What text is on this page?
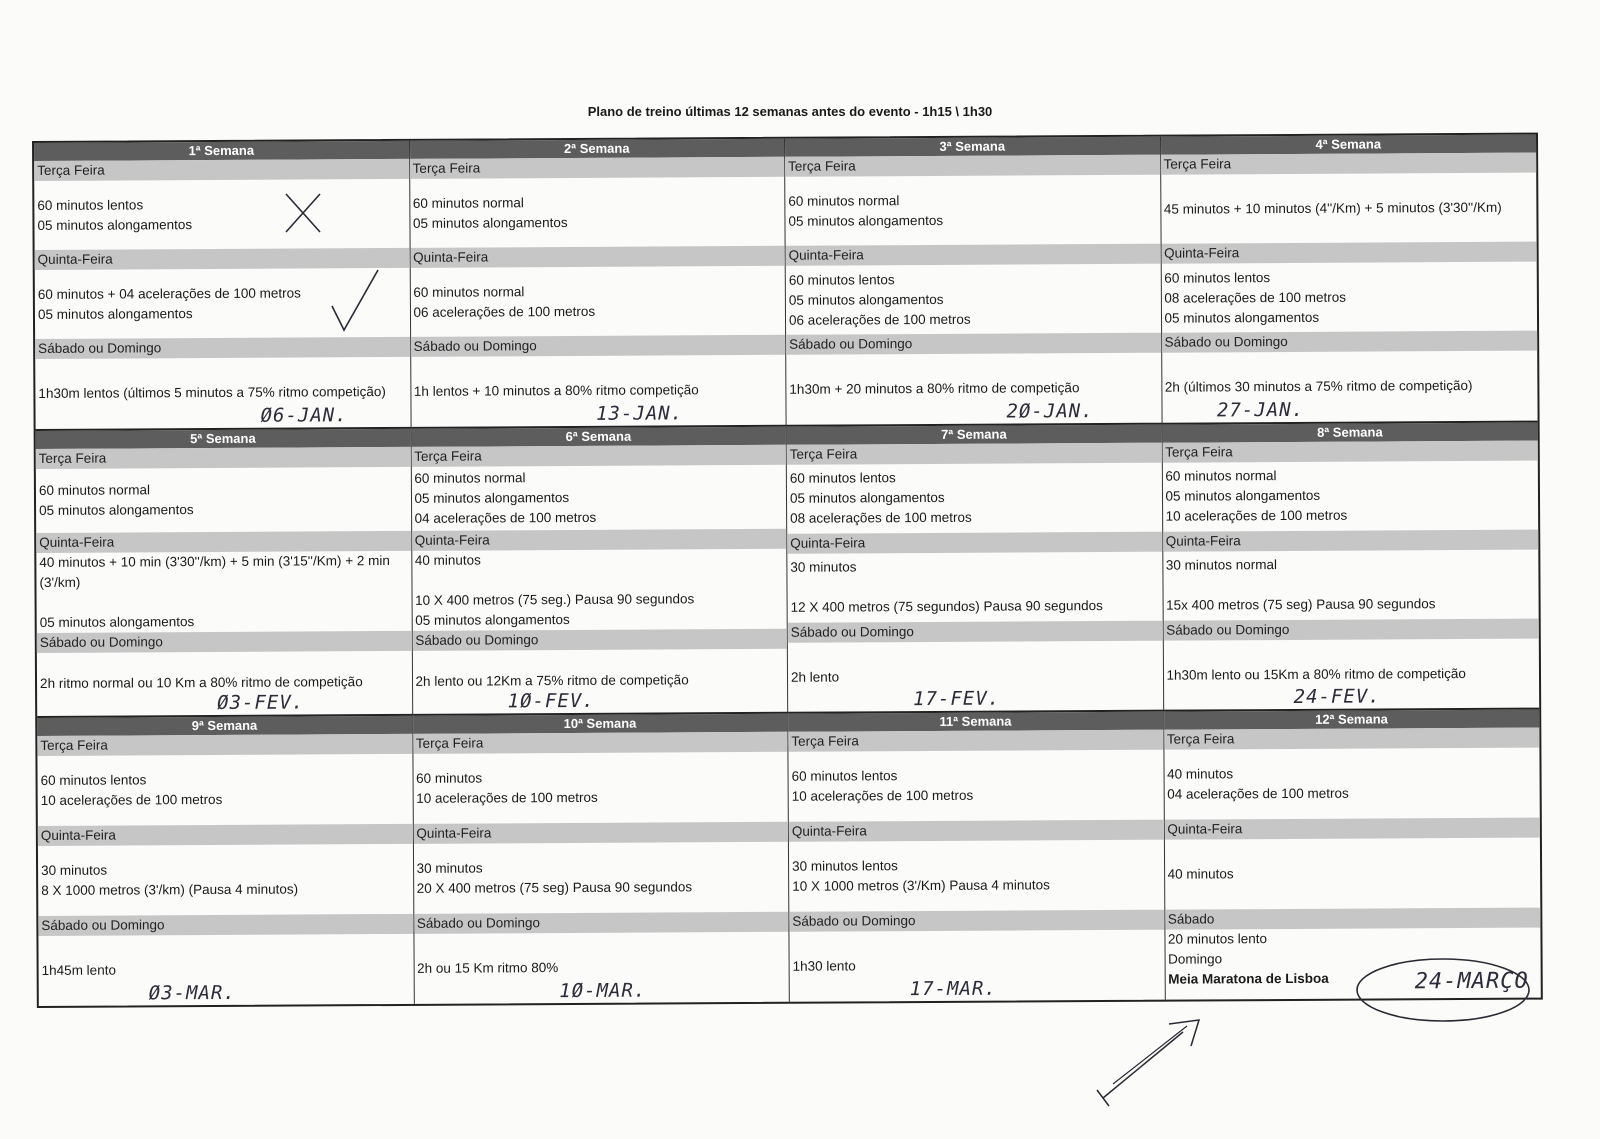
Plano de treino últimas 12 semanas antes do evento - 1h15 \ 1h30
1ª Semana
Terça Feira
60 minutos lentos
05 minutos alongamentos
Quinta-Feira
60 minutos + 04 acelerações de 100 metros
05 minutos alongamentos
Sábado ou Domingo
1h30m lentos (últimos 5 minutos a 75% ritmo competição)
Ø6-JAN.
2ª Semana
Terça Feira
60 minutos normal
05 minutos alongamentos
Quinta-Feira
60 minutos normal
06 acelerações de 100 metros
Sábado ou Domingo
1h lentos + 10 minutos a 80% ritmo competição
13-JAN.
3ª Semana
Terça Feira
60 minutos normal
05 minutos alongamentos
Quinta-Feira
60 minutos lentos
05 minutos alongamentos
06 acelerações de 100 metros
Sábado ou Domingo
1h30m + 20 minutos a 80% ritmo de competição
2Ø-JAN.
4ª Semana
Terça Feira
45 minutos + 10 minutos (4''/Km) + 5 minutos (3'30''/Km)
Quinta-Feira
60 minutos lentos
08 acelerações de 100 metros
05 minutos alongamentos
Sábado ou Domingo
2h (últimos 30 minutos a 75% ritmo de competição)
27-JAN.
5ª Semana
Terça Feira
60 minutos normal
05 minutos alongamentos
Quinta-Feira
40 minutos + 10 min (3'30''/km) + 5 min (3'15''/Km) + 2 min (3'/km)
05 minutos alongamentos
Sábado ou Domingo
2h ritmo normal ou 10 Km a 80% ritmo de competição
Ø3-FEV.
6ª Semana
Terça Feira
60 minutos normal
05 minutos alongamentos
04 acelerações de 100 metros
Quinta-Feira
40 minutos
10 X 400 metros (75 seg.) Pausa 90 segundos
05 minutos alongamentos
Sábado ou Domingo
2h lento ou 12Km a 75% ritmo de competição
1Ø-FEV.
7ª Semana
Terça Feira
60 minutos lentos
05 minutos alongamentos
08 acelerações de 100 metros
Quinta-Feira
30 minutos
12 X 400 metros (75 segundos) Pausa 90 segundos
Sábado ou Domingo
2h lento
17-FEV.
8ª Semana
Terça Feira
60 minutos normal
05 minutos alongamentos
10 acelerações de 100 metros
Quinta-Feira
30 minutos normal
15x 400 metros (75 seg) Pausa 90 segundos
Sábado ou Domingo
1h30m lento ou 15Km a 80% ritmo de competição
24-FEV.
9ª Semana
Terça Feira
60 minutos lentos
10 acelerações de 100 metros
Quinta-Feira
30 minutos
8 X 1000 metros (3'/km) (Pausa 4 minutos)
Sábado ou Domingo
1h45m lento
Ø3-MAR.
10ª Semana
Terça Feira
60 minutos
10 acelerações de 100 metros
Quinta-Feira
30 minutos
20 X 400 metros (75 seg) Pausa 90 segundos
Sábado ou Domingo
2h ou 15 Km ritmo 80%
1Ø-MAR.
11ª Semana
Terça Feira
60 minutos lentos
10 acelerações de 100 metros
Quinta-Feira
30 minutos lentos
10 X 1000 metros (3'/Km) Pausa 4 minutos
Sábado ou Domingo
1h30 lento
17-MAR.
12ª Semana
Terça Feira
40 minutos
04 acelerações de 100 metros
Quinta-Feira
40 minutos
Sábado
20 minutos lento
Domingo
Meia Maratona de Lisboa	24-MARÇO
